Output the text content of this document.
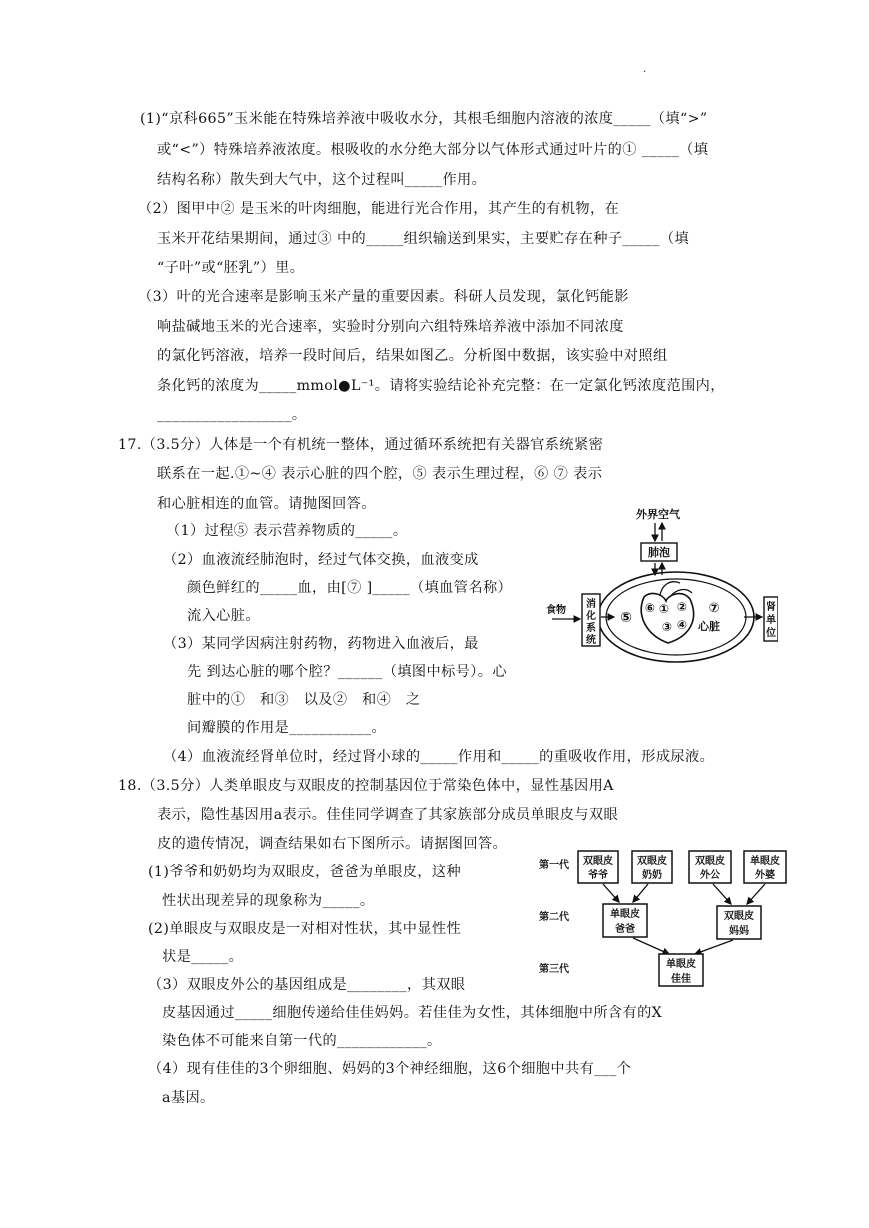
.
(1)“京科665”玉米能在特殊培养液中吸收水分，其根毛细胞内溶液的浓度_____（填“>”
或“<”）特殊培养液浓度。根吸收的水分绝大部分以气体形式通过叶片的① _____（填
结构名称）散失到大气中，这个过程叫_____作用。
（2）图甲中② 是玉米的叶肉细胞，能进行光合作用，其产生的有机物，在
玉米开花结果期间，通过③ 中的_____组织输送到果实，主要贮存在种子_____（填
“子叶”或“胚乳”）里。
（3）叶的光合速率是影响玉米产量的重要因素。科研人员发现，氯化钙能影
响盐碱地玉米的光合速率，实验时分别向六组特殊培养液中添加不同浓度
的氯化钙溶液，培养一段时间后，结果如图乙。分析图中数据，该实验中对照组
条化钙的浓度为_____mmol●L⁻¹。请将实验结论补充完整：在一定氯化钙浓度范围内，
__________________。
17.（3.5分）人体是一个有机统一整体，通过循环系统把有关器官系统紧密
联系在一起.①~④ 表示心脏的四个腔，⑤ 表示生理过程，⑥ ⑦ 表示
和心脏相连的血管。请抛图回答。
（1）过程⑤ 表示营养物质的_____。
（2）血液流经肺泡时，经过气体交换，血液变成
颜色鲜红的_____血，由[⑦ ]_____（填血管名称）
流入心脏。
（3）某同学因病注射药物，药物进入血液后，最
先 到达心脏的哪个腔？______（填图中标号）。心
脏中的①　和③　以及②　和④　之
间瓣膜的作用是___________。
（4）血液流经肾单位时，经过肾小球的_____作用和_____的重吸收作用，形成尿液。
18.（3.5分）人类单眼皮与双眼皮的控制基因位于常染色体中，显性基因用A
表示，隐性基因用a表示。佳佳同学调查了其家族部分成员单眼皮与双眼
皮的遗传情况，调查结果如右下图所示。请据图回答。
(1)爷爷和奶奶均为双眼皮，爸爸为单眼皮，这种
性状出现差异的现象称为_____。
(2)单眼皮与双眼皮是一对相对性状，其中显性性
状是_____。
（3）双眼皮外公的基因组成是________，其双眼
皮基因通过_____细胞传递给佳佳妈妈。若佳佳为女性，其体细胞中所含有的X
染色体不可能来自第一代的____________。
（4）现有佳佳的3个卵细胞、妈妈的3个神经细胞，这6个细胞中共有___个
a基因。
外界空气
肺泡
食物
消
化
系
统
⑤
⑥ ① ②
③ ④ 心脏
⑦	肾
单
位
第一代
第二代
第三代
双眼皮
爷爷
双眼皮
奶奶
双眼皮
外公
单眼皮
外婆
单眼皮
爸爸
双眼皮
妈妈
单眼皮
佳佳
